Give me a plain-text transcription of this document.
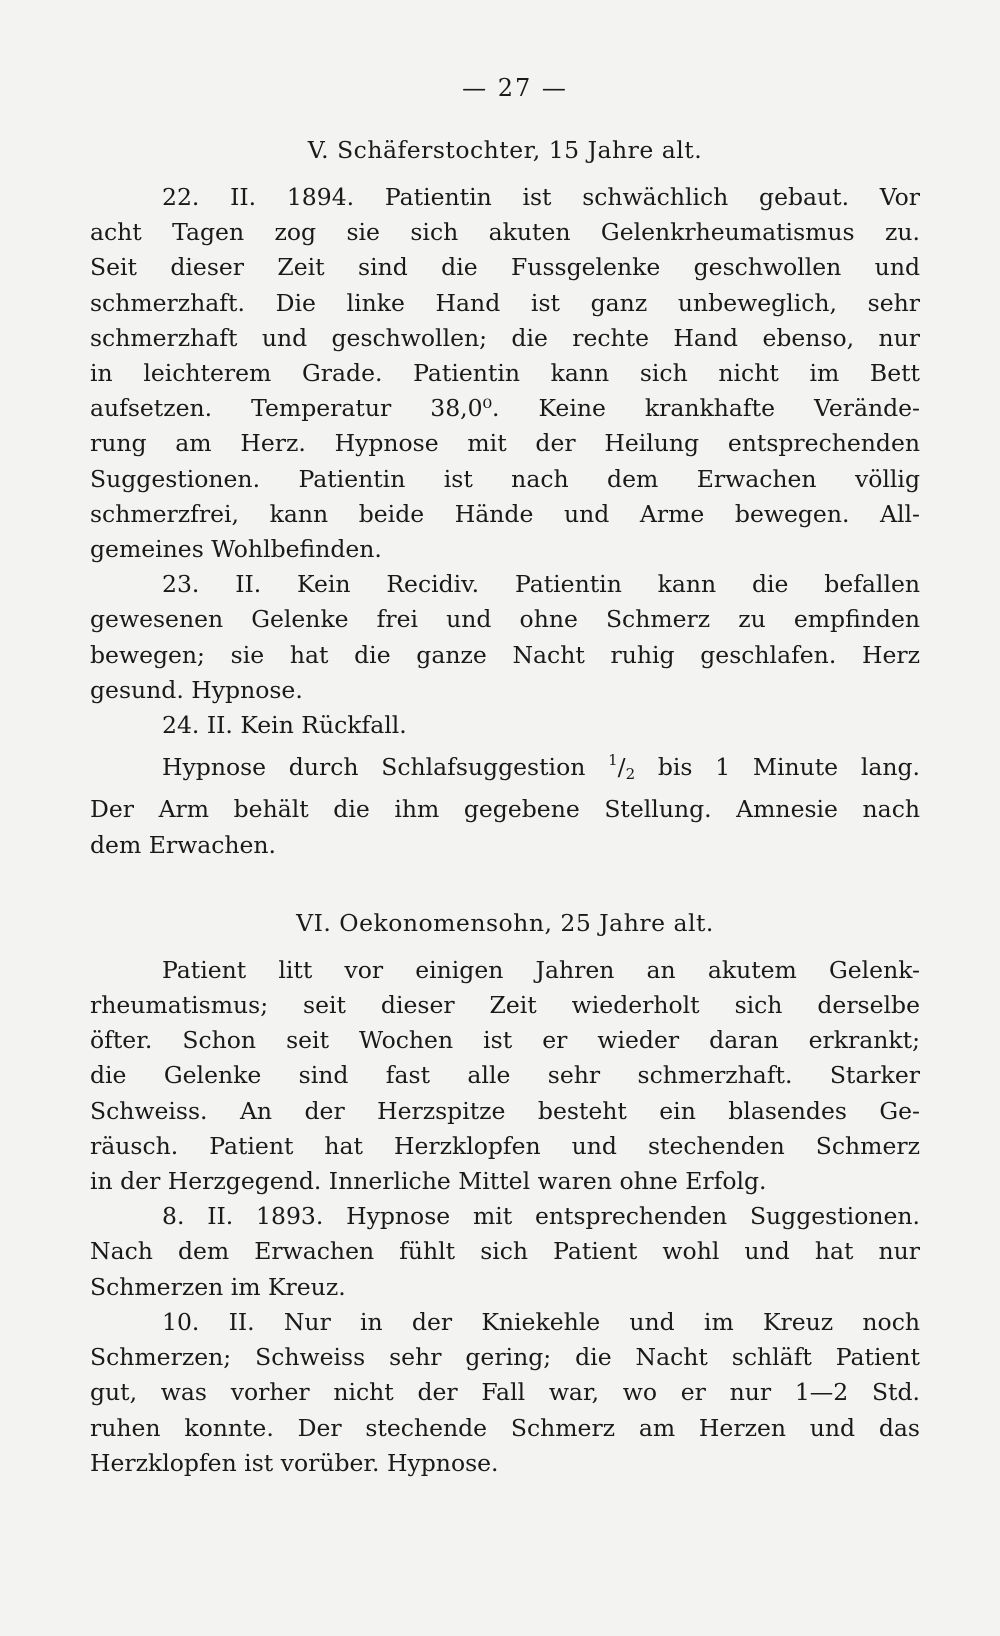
— 27 —
V. Schäferstochter, 15 Jahre alt.

22. II. 1894. Patientin ist schwächlich gebaut. Vor
acht Tagen zog sie sich akuten Gelenkrheumatismus zu.
Seit dieser Zeit sind die Fussgelenke geschwollen und
schmerzhaft. Die linke Hand ist ganz unbeweglich, sehr
schmerzhaft und geschwollen; die rechte Hand ebenso, nur
in leichterem Grade. Patientin kann sich nicht im Bett
aufsetzen. Temperatur 38,0⁰. Keine krankhafte Verände-
rung am Herz. Hypnose mit der Heilung entsprechenden
Suggestionen. Patientin ist nach dem Erwachen völlig
schmerzfrei, kann beide Hände und Arme bewegen. All-
gemeines Wohlbefinden.

23. II. Kein Recidiv. Patientin kann die befallen
gewesenen Gelenke frei und ohne Schmerz zu empfinden
bewegen; sie hat die ganze Nacht ruhig geschlafen. Herz
gesund. Hypnose.

24. II. Kein Rückfall.

Hypnose durch Schlafsuggestion $^1/_2$ bis 1 Minute lang.
Der Arm behält die ihm gegebene Stellung. Amnesie nach
dem Erwachen.

VI. Oekonomensohn, 25 Jahre alt.

Patient litt vor einigen Jahren an akutem Gelenk-
rheumatismus; seit dieser Zeit wiederholt sich derselbe
öfter. Schon seit Wochen ist er wieder daran erkrankt;
die Gelenke sind fast alle sehr schmerzhaft. Starker
Schweiss. An der Herzspitze besteht ein blasendes Ge-
räusch. Patient hat Herzklopfen und stechenden Schmerz
in der Herzgegend. Innerliche Mittel waren ohne Erfolg.

8. II. 1893. Hypnose mit entsprechenden Suggestionen.
Nach dem Erwachen fühlt sich Patient wohl und hat nur
Schmerzen im Kreuz.

10. II. Nur in der Kniekehle und im Kreuz noch
Schmerzen; Schweiss sehr gering; die Nacht schläft Patient
gut, was vorher nicht der Fall war, wo er nur 1—2 Std.
ruhen konnte. Der stechende Schmerz am Herzen und das
Herzklopfen ist vorüber. Hypnose.
